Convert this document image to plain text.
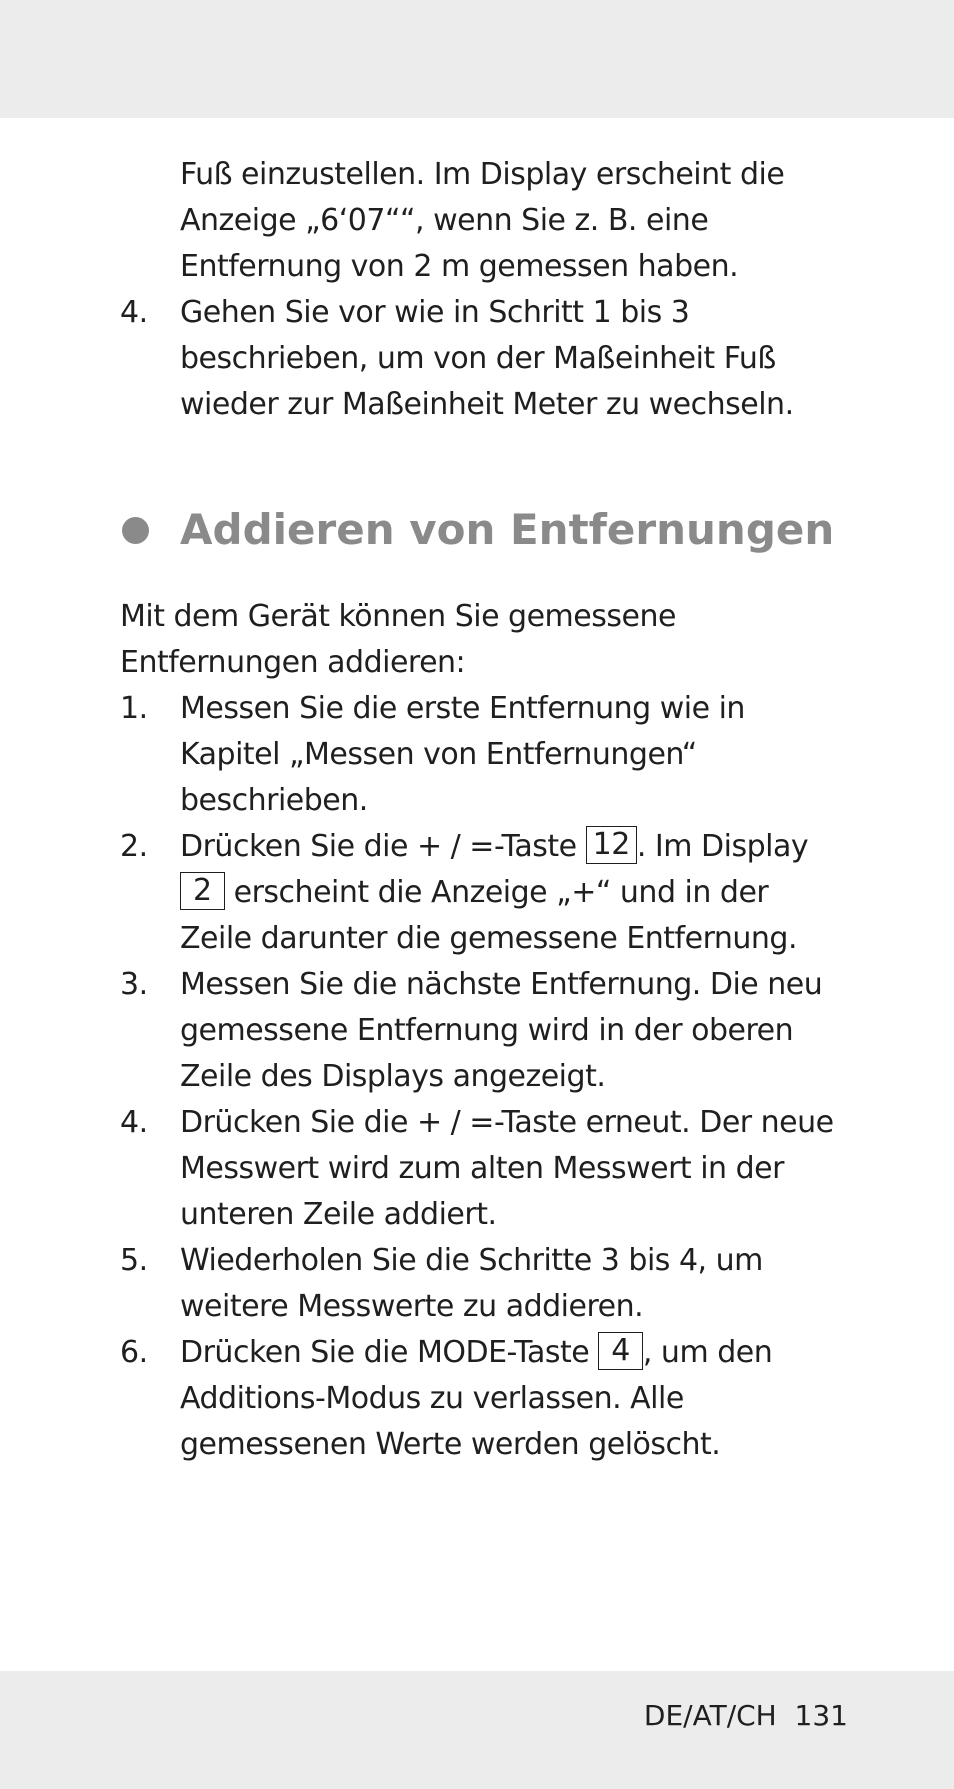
Fuß einzustellen. Im Display erscheint die Anzeige „6‘07““, wenn Sie z. B. eine Entfernung von 2 m gemessen haben.

4. Gehen Sie vor wie in Schritt 1 bis 3 beschrieben, um von der Maßeinheit Fuß wieder zur Maßeinheit Meter zu wechseln.
Addieren von Entfernungen

Mit dem Gerät können Sie gemessene Entfernungen addieren:

1. Messen Sie die erste Entfernung wie in Kapitel „Messen von Entfernungen“ beschrieben.
2. Drücken Sie die + / =-Taste 12 . Im Display 2 erscheint die Anzeige „+“ und in der Zeile darunter die gemessene Entfernung.
3. Messen Sie die nächste Entfernung. Die neu gemessene Entfernung wird in der oberen Zeile des Displays angezeigt.
4. Drücken Sie die + / =-Taste erneut. Der neue Messwert wird zum alten Messwert in der unteren Zeile addiert.
5. Wiederholen Sie die Schritte 3 bis 4, um weitere Messwerte zu addieren.
6. Drücken Sie die MODE-Taste 4 , um den Additions-Modus zu verlassen. Alle gemessenen Werte werden gelöscht.
DE/AT/CH 131
